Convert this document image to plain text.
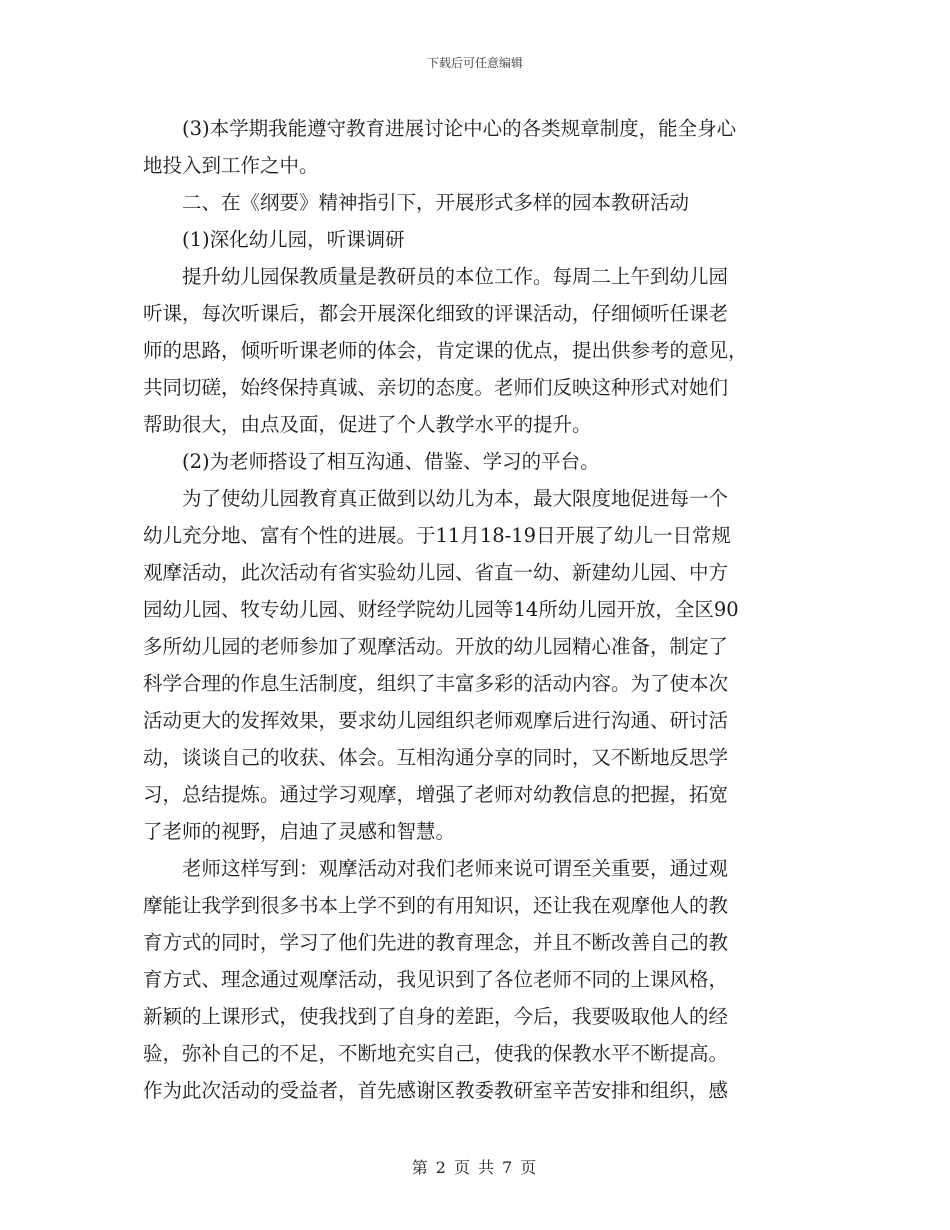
下载后可任意编辑

(3)本学期我能遵守教育进展讨论中心的各类规章制度，能全身心
地投入到工作之中。

二、在《纲要》精神指引下，开展形式多样的园本教研活动

(1)深化幼儿园，听课调研

提升幼儿园保教质量是教研员的本位工作。每周二上午到幼儿园
听课，每次听课后，都会开展深化细致的评课活动，仔细倾听任课老
师的思路，倾听听课老师的体会，肯定课的优点，提出供参考的意见，
共同切磋，始终保持真诚、亲切的态度。老师们反映这种形式对她们
帮助很大，由点及面，促进了个人教学水平的提升。

(2)为老师搭设了相互沟通、借鉴、学习的平台。

为了使幼儿园教育真正做到以幼儿为本，最大限度地促进每一个
幼儿充分地、富有个性的进展。于11月18-19日开展了幼儿一日常规
观摩活动，此次活动有省实验幼儿园、省直一幼、新建幼儿园、中方
园幼儿园、牧专幼儿园、财经学院幼儿园等14所幼儿园开放，全区90
多所幼儿园的老师参加了观摩活动。开放的幼儿园精心准备，制定了
科学合理的作息生活制度，组织了丰富多彩的活动内容。为了使本次
活动更大的发挥效果，要求幼儿园组织老师观摩后进行沟通、研讨活
动，谈谈自己的收获、体会。互相沟通分享的同时，又不断地反思学
习，总结提炼。通过学习观摩，增强了老师对幼教信息的把握，拓宽
了老师的视野，启迪了灵感和智慧。

老师这样写到：观摩活动对我们老师来说可谓至关重要，通过观
摩能让我学到很多书本上学不到的有用知识，还让我在观摩他人的教
育方式的同时，学习了他们先进的教育理念，并且不断改善自己的教
育方式、理念通过观摩活动，我见识到了各位老师不同的上课风格，
新颖的上课形式，使我找到了自身的差距，今后，我要吸取他人的经
验，弥补自己的不足，不断地充实自己，使我的保教水平不断提高。
作为此次活动的受益者，首先感谢区教委教研室辛苦安排和组织，感

第 2 页 共 7 页
